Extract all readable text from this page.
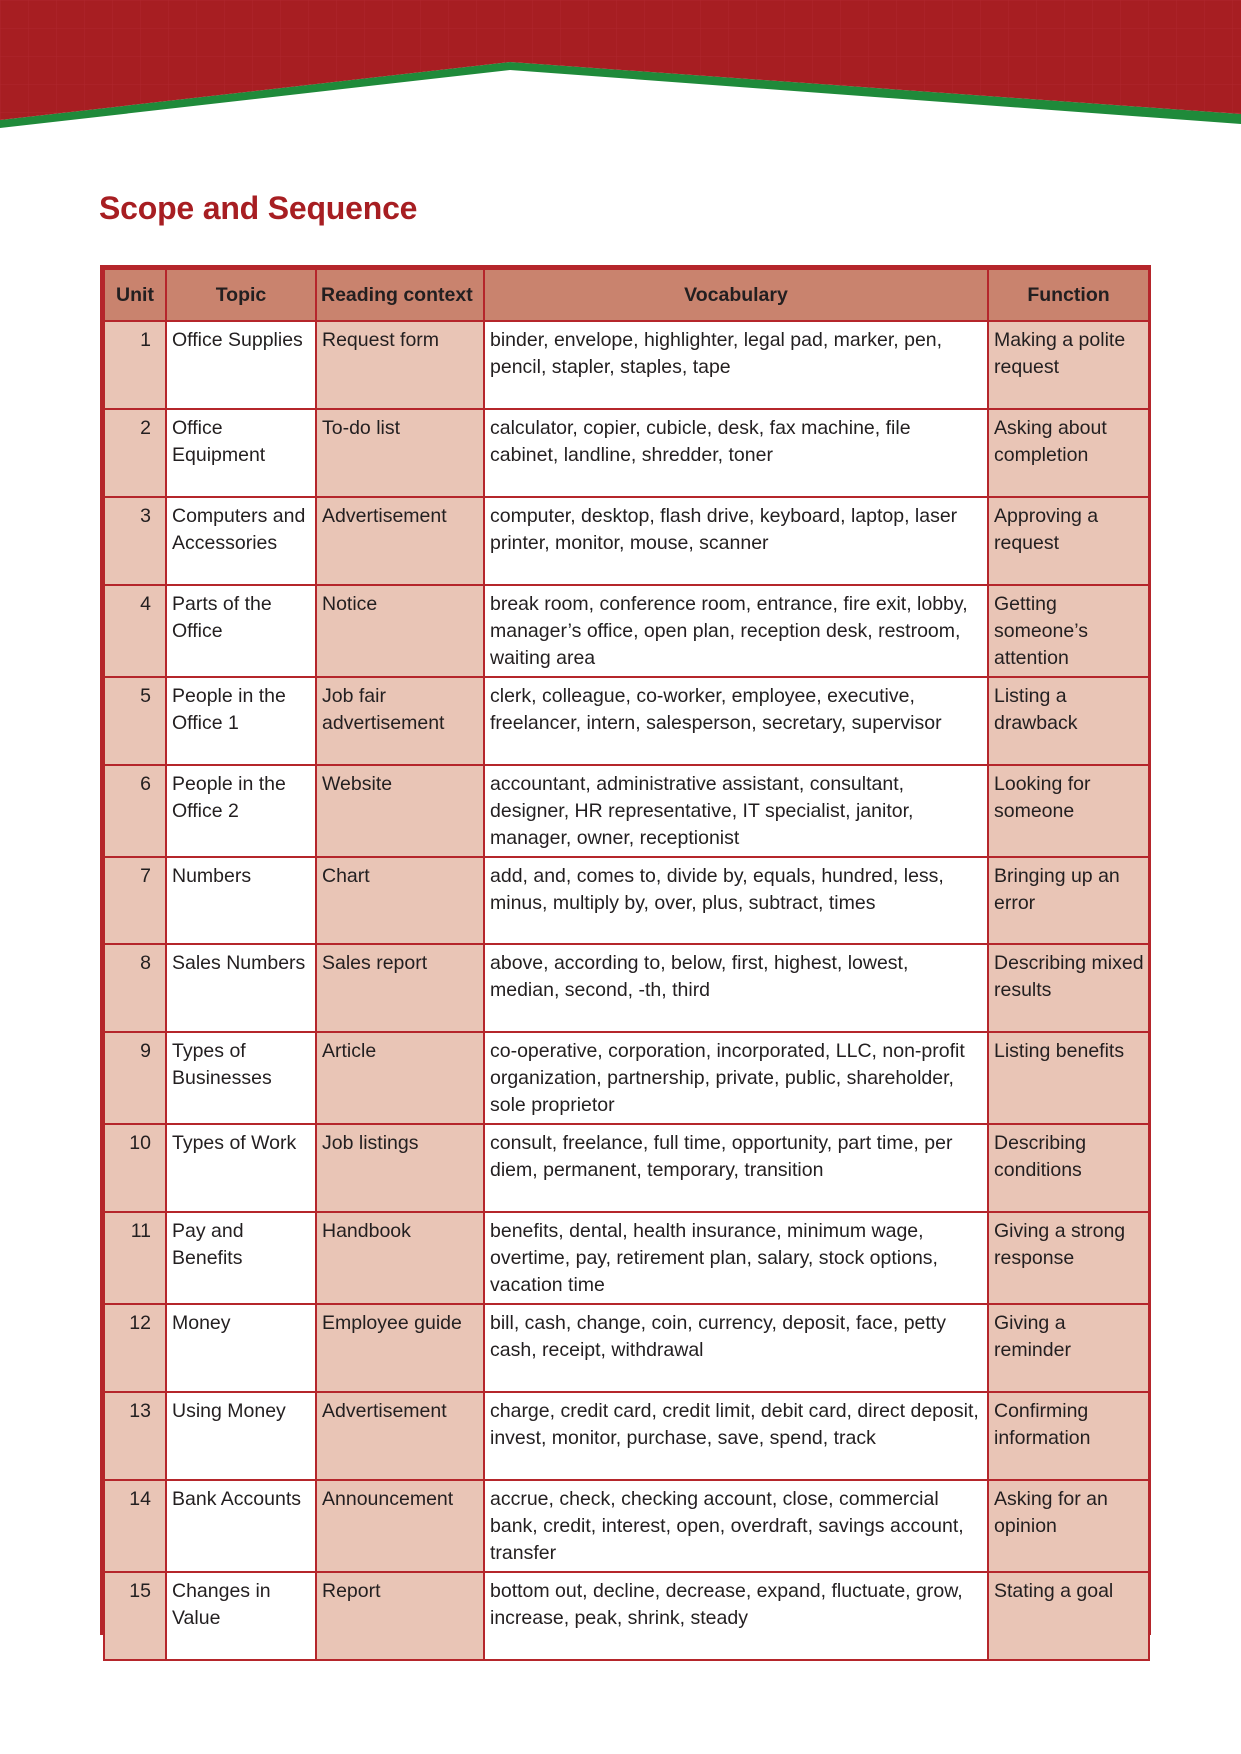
Scope and Sequence
Unit	Topic	Reading context	Vocabulary	Function
1	Office Supplies	Request form	binder, envelope, highlighter, legal pad, marker, pen, pencil, stapler, staples, tape	Making a polite request
2	Office Equipment	To-do list	calculator, copier, cubicle, desk, fax machine, file cabinet, landline, shredder, toner	Asking about completion
3	Computers and Accessories	Advertisement	computer, desktop, flash drive, keyboard, laptop, laser printer, monitor, mouse, scanner	Approving a request
4	Parts of the Office	Notice	break room, conference room, entrance, fire exit, lobby, manager’s office, open plan, reception desk, restroom, waiting area	Getting someone’s attention
5	People in the Office 1	Job fair advertisement	clerk, colleague, co-worker, employee, executive, freelancer, intern, salesperson, secretary, supervisor	Listing a drawback
6	People in the Office 2	Website	accountant, administrative assistant, consultant, designer, HR representative, IT specialist, janitor, manager, owner, receptionist	Looking for someone
7	Numbers	Chart	add, and, comes to, divide by, equals, hundred, less, minus, multiply by, over, plus, subtract, times	Bringing up an error
8	Sales Numbers	Sales report	above, according to, below, first, highest, lowest, median, second, -th, third	Describing mixed results
9	Types of Businesses	Article	co-operative, corporation, incorporated, LLC, non-profit organization, partnership, private, public, shareholder, sole proprietor	Listing benefits
10	Types of Work	Job listings	consult, freelance, full time, opportunity, part time, per diem, permanent, temporary, transition	Describing conditions
11	Pay and Benefits	Handbook	benefits, dental, health insurance, minimum wage, overtime, pay, retirement plan, salary, stock options, vacation time	Giving a strong response
12	Money	Employee guide	bill, cash, change, coin, currency, deposit, face, petty cash, receipt, withdrawal	Giving a reminder
13	Using Money	Advertisement	charge, credit card, credit limit, debit card, direct deposit, invest, monitor, purchase, save, spend, track	Confirming information
14	Bank Accounts	Announcement	accrue, check, checking account, close, commercial bank, credit, interest, open, overdraft, savings account, transfer	Asking for an opinion
15	Changes in Value	Report	bottom out, decline, decrease, expand, fluctuate, grow, increase, peak, shrink, steady	Stating a goal
